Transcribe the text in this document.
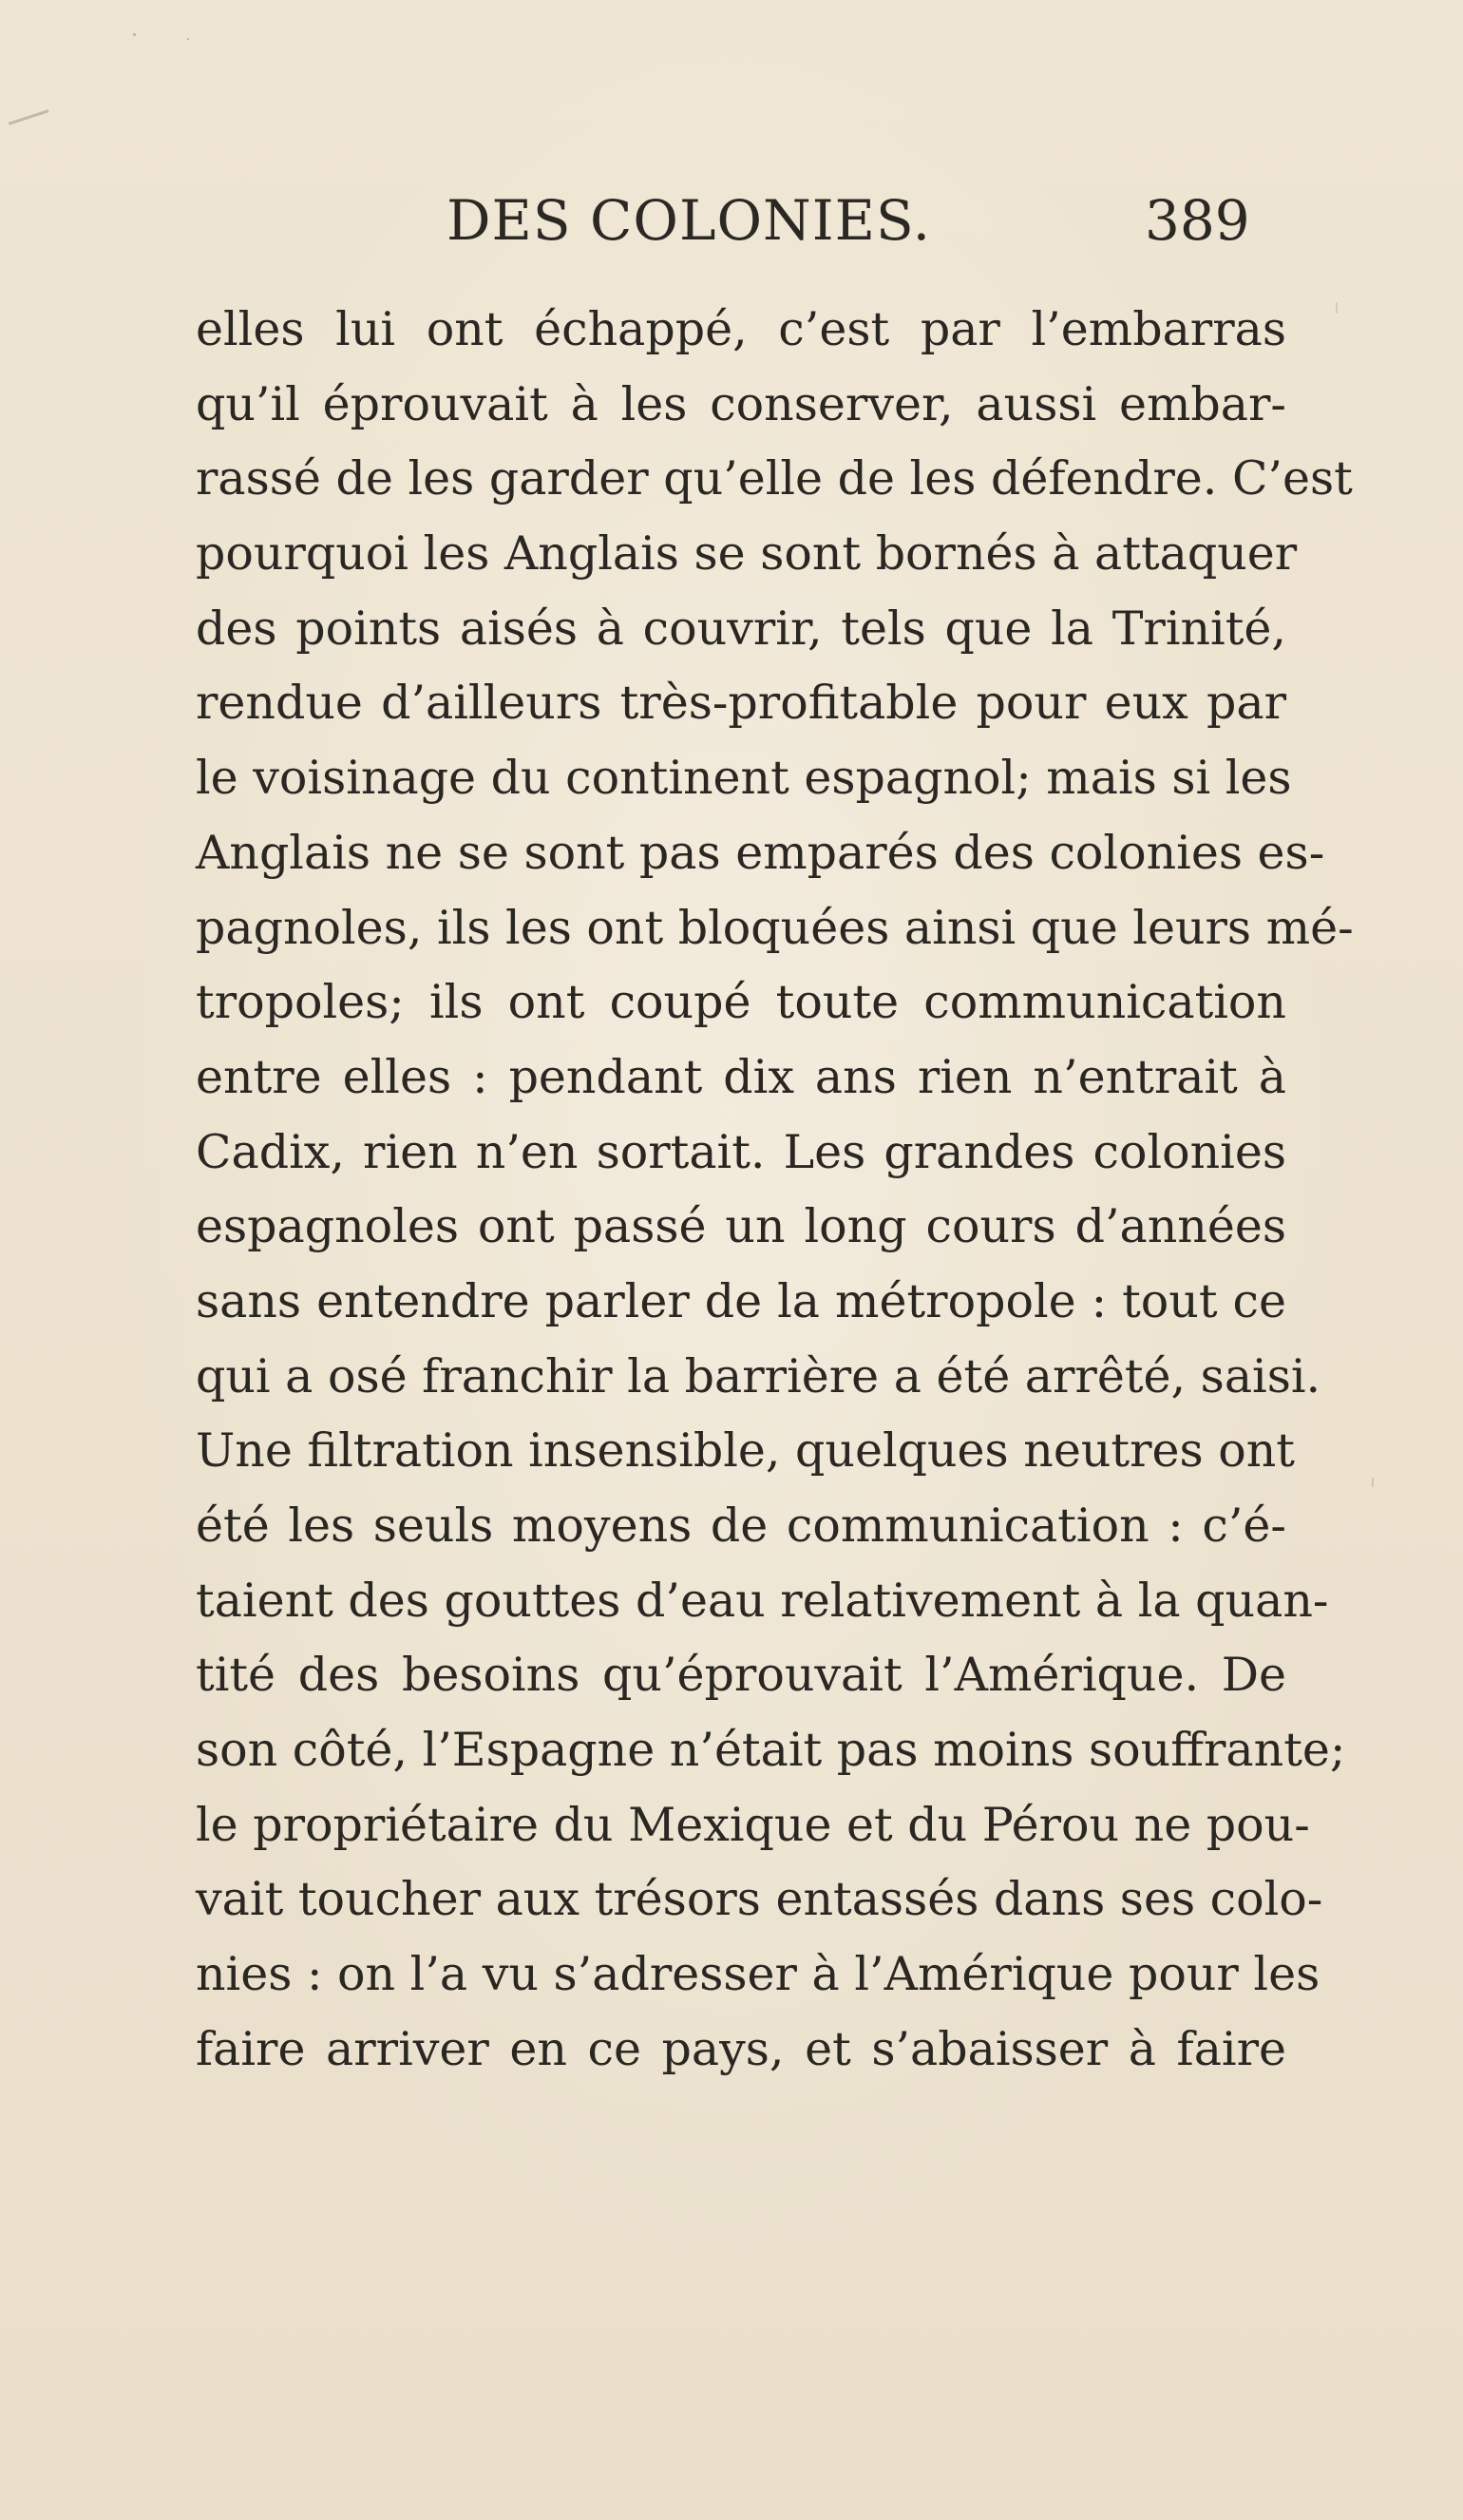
DES COLONIES.	389
elles lui ont échappé, c’est par l’embarras
qu’il éprouvait à les conserver, aussi embar-
rassé de les garder qu’elle de les défendre. C’est
pourquoi les Anglais se sont bornés à attaquer
des points aisés à couvrir, tels que la Trinité,
rendue d’ailleurs très-profitable pour eux par
le voisinage du continent espagnol; mais si les
Anglais ne se sont pas emparés des colonies es-
pagnoles, ils les ont bloquées ainsi que leurs mé-
tropoles; ils ont coupé toute communication
entre elles : pendant dix ans rien n’entrait à
Cadix, rien n’en sortait. Les grandes colonies
espagnoles ont passé un long cours d’années
sans entendre parler de la métropole : tout ce
qui a osé franchir la barrière a été arrêté, saisi.
Une filtration insensible, quelques neutres ont
été les seuls moyens de communication : c’é-
taient des gouttes d’eau relativement à la quan-
tité des besoins qu’éprouvait l’Amérique. De
son côté, l’Espagne n’était pas moins souffrante;
le propriétaire du Mexique et du Pérou ne pou-
vait toucher aux trésors entassés dans ses colo-
nies : on l’a vu s’adresser à l’Amérique pour les
faire arriver en ce pays, et s’abaisser à faire
